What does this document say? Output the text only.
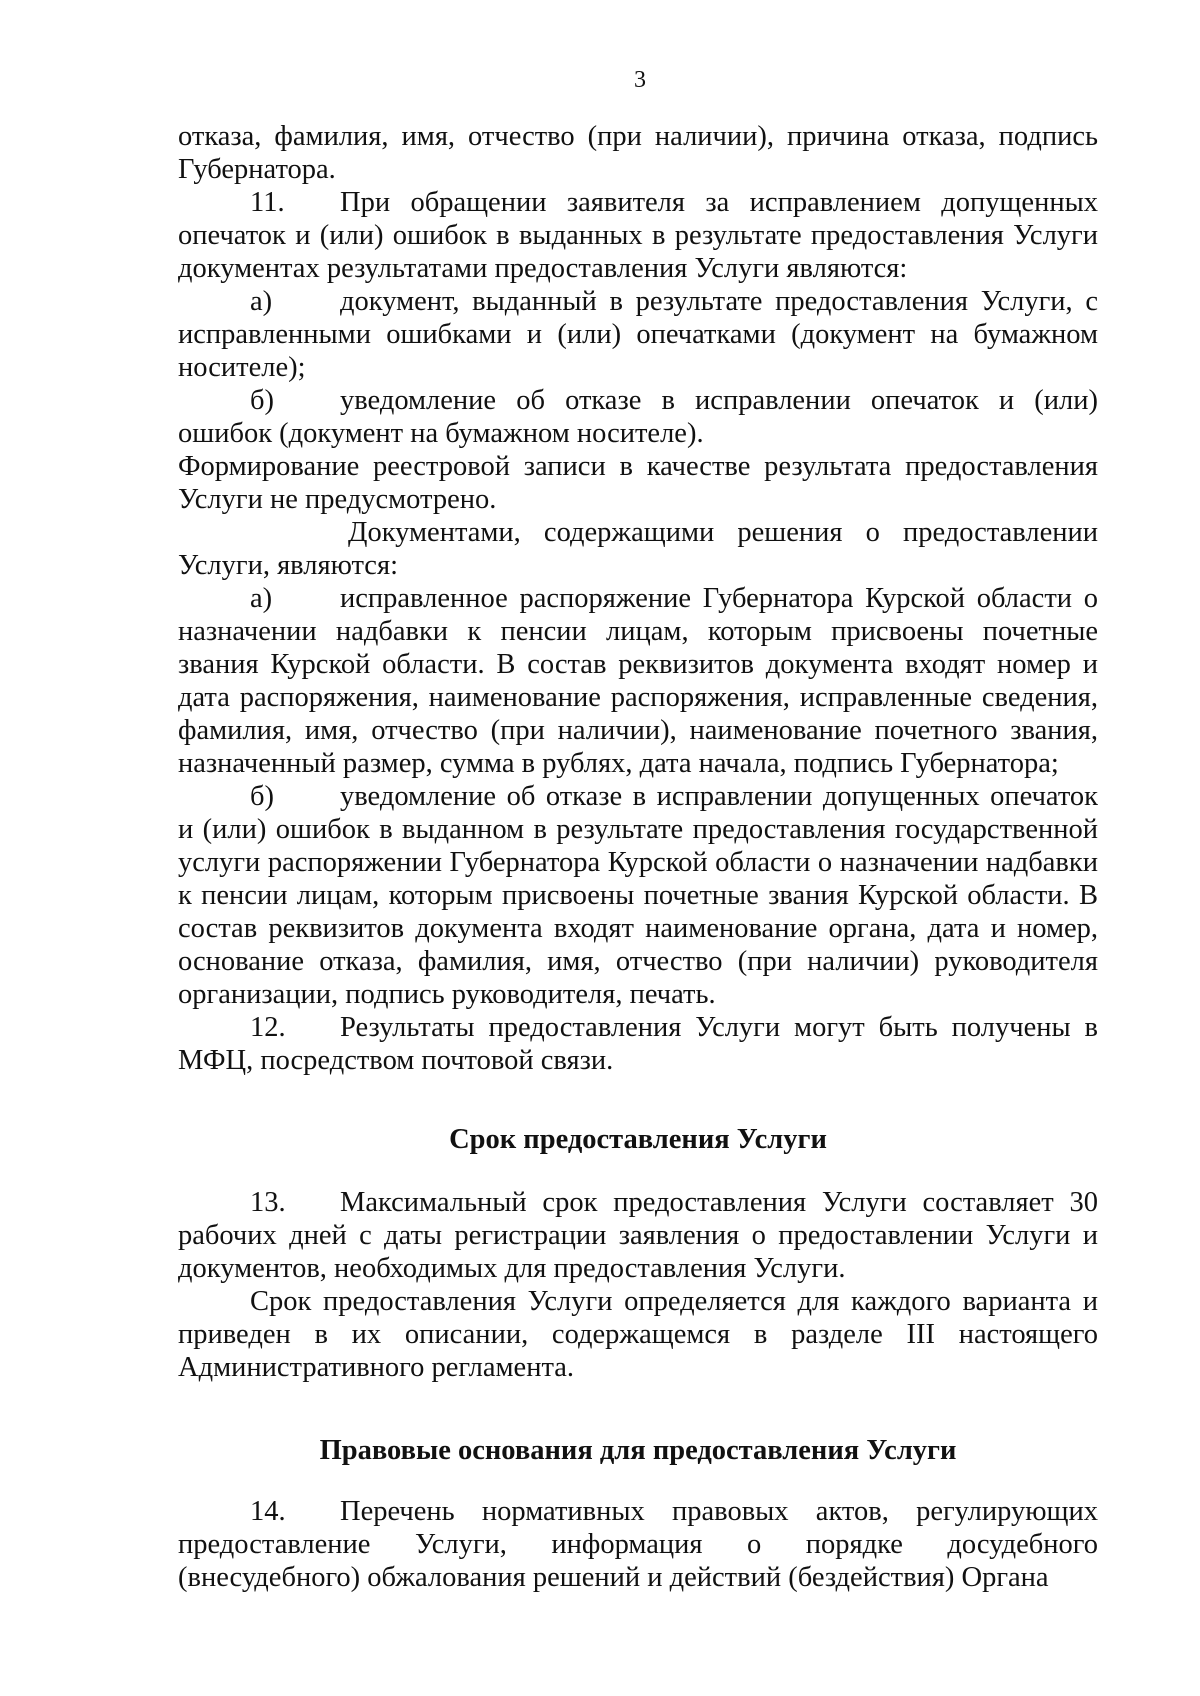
3

отказа, фамилия, имя, отчество (при наличии), причина отказа, подпись Губернатора.

11. При обращении заявителя за исправлением допущенных опечаток и (или) ошибок в выданных в результате предоставления Услуги документах результатами предоставления Услуги являются:

а) документ, выданный в результате предоставления Услуги, с исправленными ошибками и (или) опечатками (документ на бумажном носителе);

б) уведомление об отказе в исправлении опечаток и (или) ошибок (документ на бумажном носителе).

Формирование реестровой записи в качестве результата предоставления Услуги не предусмотрено.

Документами, содержащими решения о предоставлении Услуги, являются:

а) исправленное распоряжение Губернатора Курской области о назначении надбавки к пенсии лицам, которым присвоены почетные звания Курской области. В состав реквизитов документа входят номер и дата распоряжения, наименование распоряжения, исправленные сведения, фамилия, имя, отчество (при наличии), наименование почетного звания, назначенный размер, сумма в рублях, дата начала, подпись Губернатора;

б) уведомление об отказе в исправлении допущенных опечаток и (или) ошибок в выданном в результате предоставления государственной услуги распоряжении Губернатора Курской области о назначении надбавки к пенсии лицам, которым присвоены почетные звания Курской области. В состав реквизитов документа входят наименование органа, дата и номер, основание отказа, фамилия, имя, отчество (при наличии) руководителя организации, подпись руководителя, печать.

12. Результаты предоставления Услуги могут быть получены в МФЦ, посредством почтовой связи.

Срок предоставления Услуги

13. Максимальный срок предоставления Услуги составляет 30 рабочих дней с даты регистрации заявления о предоставлении Услуги и документов, необходимых для предоставления Услуги.

Срок предоставления Услуги определяется для каждого варианта и приведен в их описании, содержащемся в разделе III настоящего Административного регламента.

Правовые основания для предоставления Услуги

14. Перечень нормативных правовых актов, регулирующих предоставление Услуги, информация о порядке досудебного (внесудебного) обжалования решений и действий (бездействия) Органа
